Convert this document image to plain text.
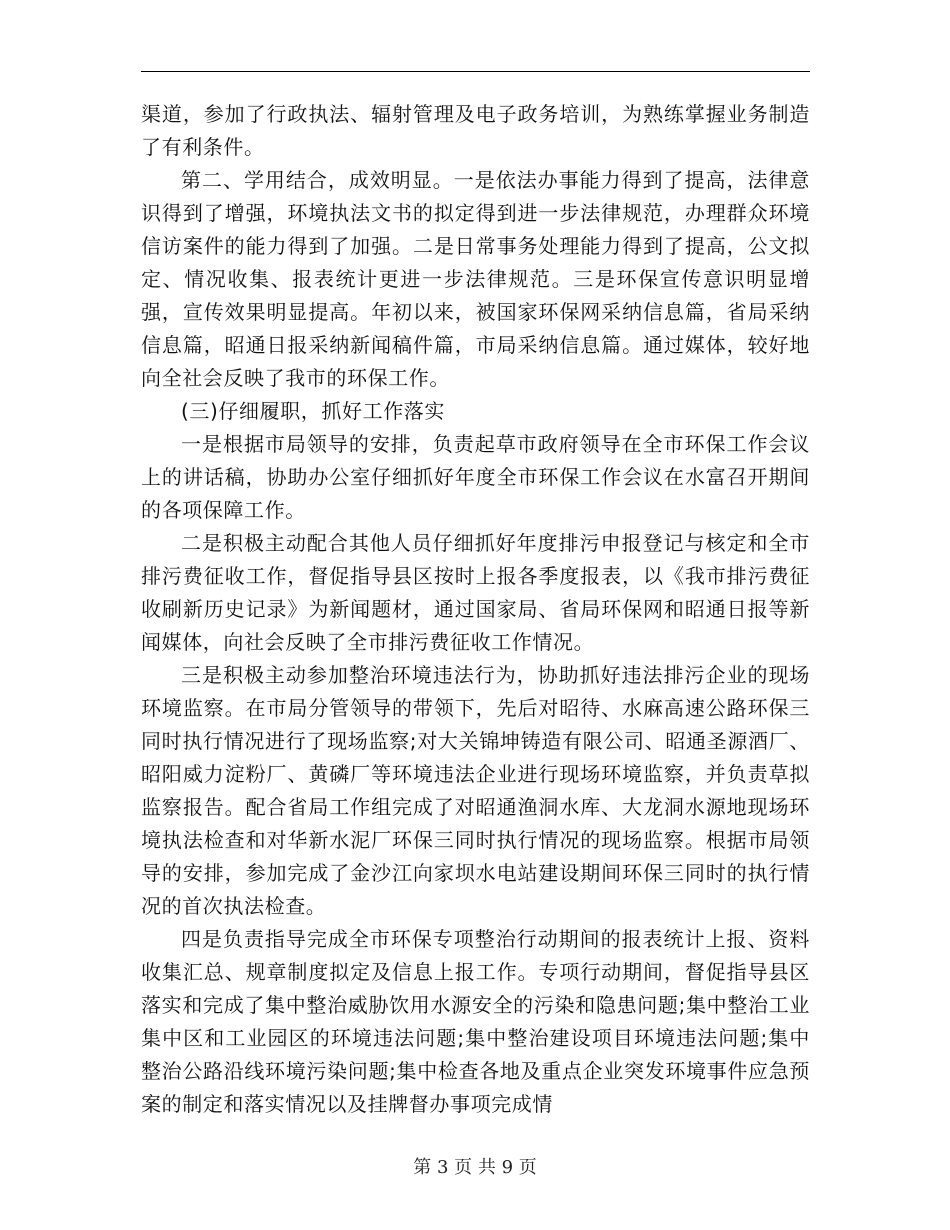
渠道，参加了行政执法、辐射管理及电子政务培训，为熟练掌握业务制造了有利条件。

第二、学用结合，成效明显。一是依法办事能力得到了提高，法律意识得到了增强，环境执法文书的拟定得到进一步法律规范，办理群众环境信访案件的能力得到了加强。二是日常事务处理能力得到了提高，公文拟定、情况收集、报表统计更进一步法律规范。三是环保宣传意识明显增强，宣传效果明显提高。年初以来，被国家环保网采纳信息篇，省局采纳信息篇，昭通日报采纳新闻稿件篇，市局采纳信息篇。通过媒体，较好地向全社会反映了我市的环保工作。

(三)仔细履职，抓好工作落实

一是根据市局领导的安排，负责起草市政府领导在全市环保工作会议上的讲话稿，协助办公室仔细抓好年度全市环保工作会议在水富召开期间的各项保障工作。

二是积极主动配合其他人员仔细抓好年度排污申报登记与核定和全市排污费征收工作，督促指导县区按时上报各季度报表，以《我市排污费征收刷新历史记录》为新闻题材，通过国家局、省局环保网和昭通日报等新闻媒体，向社会反映了全市排污费征收工作情况。

三是积极主动参加整治环境违法行为，协助抓好违法排污企业的现场环境监察。在市局分管领导的带领下，先后对昭待、水麻高速公路环保三同时执行情况进行了现场监察;对大关锦坤铸造有限公司、昭通圣源酒厂、昭阳威力淀粉厂、黄磷厂等环境违法企业进行现场环境监察，并负责草拟监察报告。配合省局工作组完成了对昭通渔洞水库、大龙洞水源地现场环境执法检查和对华新水泥厂环保三同时执行情况的现场监察。根据市局领导的安排，参加完成了金沙江向家坝水电站建设期间环保三同时的执行情况的首次执法检查。

四是负责指导完成全市环保专项整治行动期间的报表统计上报、资料收集汇总、规章制度拟定及信息上报工作。专项行动期间，督促指导县区落实和完成了集中整治威胁饮用水源安全的污染和隐患问题;集中整治工业集中区和工业园区的环境违法问题;集中整治建设项目环境违法问题;集中整治公路沿线环境污染问题;集中检查各地及重点企业突发环境事件应急预案的制定和落实情况以及挂牌督办事项完成情

第 3 页 共 9 页
